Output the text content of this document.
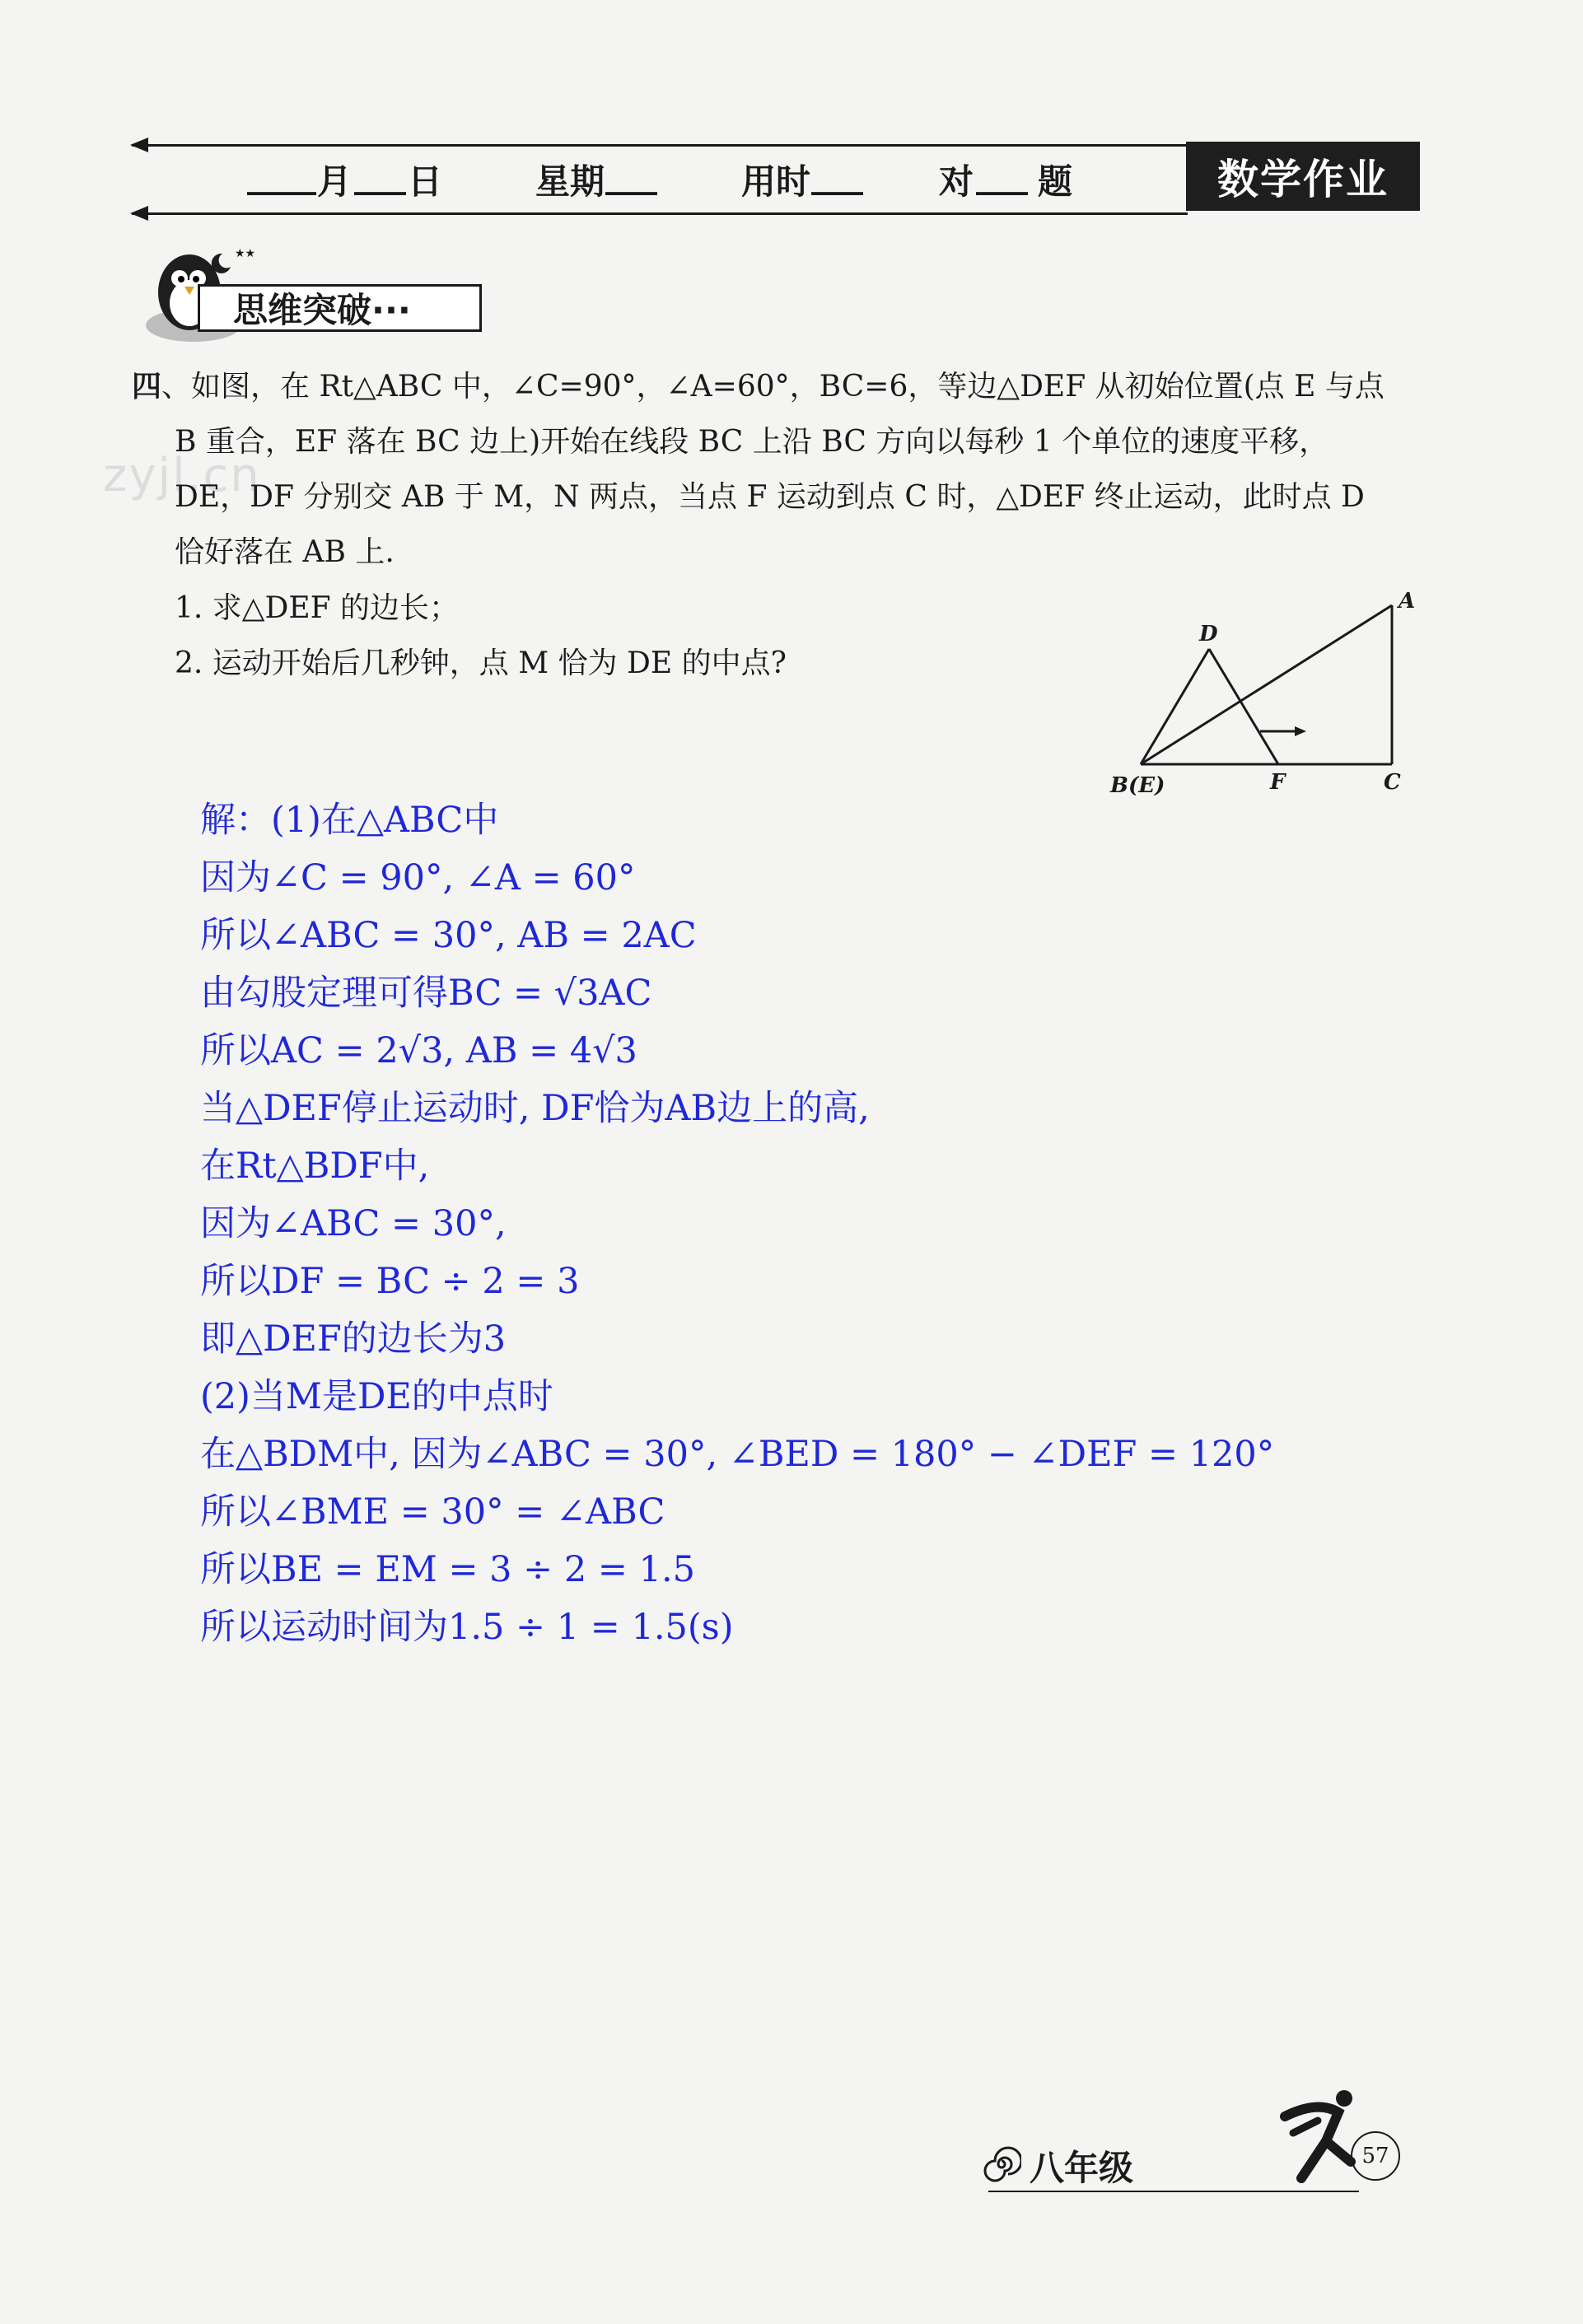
____ 月 ___ 日	星期 ___ 用时 ___ 对 ___ 题	数学作业
★★
思维突破···
zyjl.cn
四、如图，在 Rt△ABC 中，∠C=90°，∠A=60°，BC=6，等边△DEF 从初始位置(点 E 与点
B 重合，EF 落在 BC 边上)开始在线段 BC 上沿 BC 方向以每秒 1 个单位的速度平移，
DE，DF 分别交 AB 于 M，N 两点，当点 F 运动到点 C 时，△DEF 终止运动，此时点 D
恰好落在 AB 上.
1. 求△DEF 的边长；
2. 运动开始后几秒钟，点 M 恰为 DE 的中点?
A
D
B(E)	F	C
解：(1)在△ABC中
因为∠C = 90°, ∠A = 60°
所以∠ABC = 30°, AB = 2AC
由勾股定理可得BC = √3AC
所以AC = 2√3, AB = 4√3
当△DEF停止运动时, DF恰为AB边上的高,
在Rt△BDF中,
因为∠ABC = 30°,
所以DF = BC ÷ 2 = 3
即△DEF的边长为3
(2)当M是DE的中点时
在△BDM中, 因为∠ABC = 30°, ∠BED = 180° − ∠DEF = 120°
所以∠BME = 30° = ∠ABC
所以BE = EM = 3 ÷ 2 = 1.5
所以运动时间为1.5 ÷ 1 = 1.5(s)
八年级	57
